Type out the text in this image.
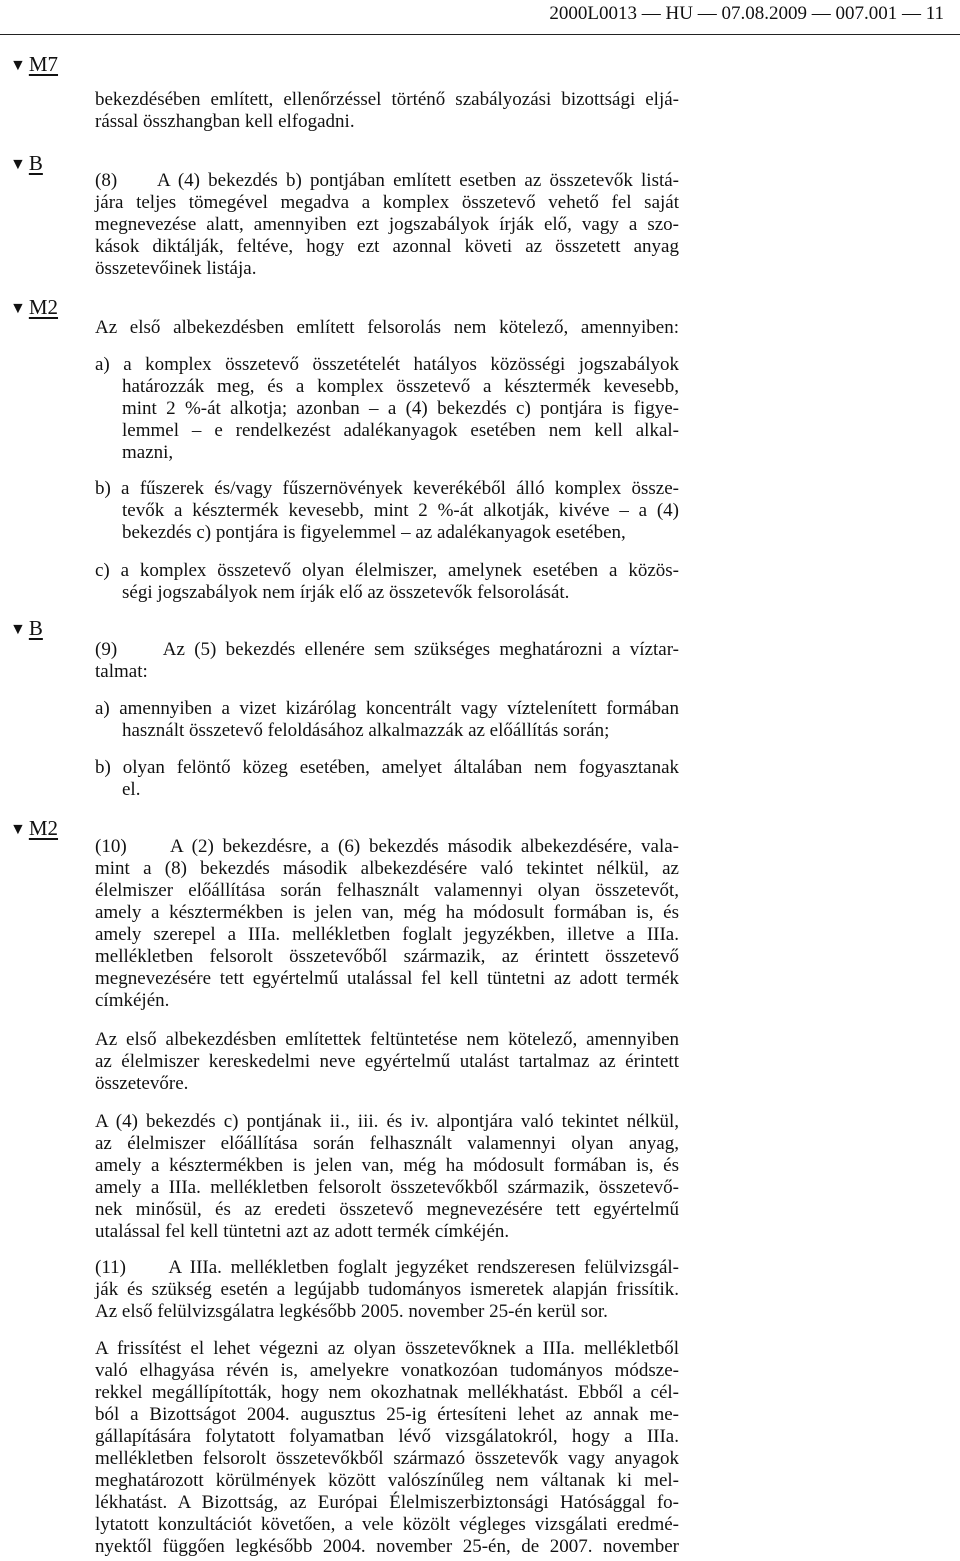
2000L0013 — HU — 07.08.2009 — 007.001 — 11
▼ M7
▼ B
▼ M2
▼ B
▼ M2
bekezdésében említett, ellenőrzéssel történő szabályozási bizottsági eljá-
rással összhangban kell elfogadni.
(8)     A (4) bekezdés b) pontjában említett esetben az összetevők listá-
jára teljes tömegével megadva a komplex összetevő vehető fel saját
megnevezése alatt, amennyiben ezt jogszabályok írják elő, vagy a szo-
kások diktálják, feltéve, hogy ezt azonnal követi az összetett anyag
összetevőinek listája.
Az első albekezdésben említett felsorolás nem kötelező, amennyiben:
a) a komplex összetevő összetételét hatályos közösségi jogszabályok
határozzák meg, és a komplex összetevő a késztermék kevesebb,
mint 2 %-át alkotja; azonban – a (4) bekezdés c) pontjára is figye-
lemmel – e rendelkezést adalékanyagok esetében nem kell alkal-
mazni,
b) a fűszerek és/vagy fűszernövények keverékéből álló komplex össze-
tevők a késztermék kevesebb, mint 2 %-át alkotják, kivéve – a (4)
bekezdés c) pontjára is figyelemmel – az adalékanyagok esetében,
c) a komplex összetevő olyan élelmiszer, amelynek esetében a közös-
ségi jogszabályok nem írják elő az összetevők felsorolását.
(9)     Az (5) bekezdés ellenére sem szükséges meghatározni a víztar-
talmat:
a) amennyiben a vizet kizárólag koncentrált vagy víztelenített formában
használt összetevő feloldásához alkalmazzák az előállítás során;
b) olyan felöntő közeg esetében, amelyet általában nem fogyasztanak
el.
(10)     A (2) bekezdésre, a (6) bekezdés második albekezdésére, vala-
mint a (8) bekezdés második albekezdésére való tekintet nélkül, az
élelmiszer előállítása során felhasznált valamennyi olyan összetevőt,
amely a késztermékben is jelen van, még ha módosult formában is, és
amely szerepel a IIIa. mellékletben foglalt jegyzékben, illetve a IIIa.
mellékletben felsorolt összetevőből származik, az érintett összetevő
megnevezésére tett egyértelmű utalással fel kell tüntetni az adott termék
címkéjén.
Az első albekezdésben említettek feltüntetése nem kötelező, amennyiben
az élelmiszer kereskedelmi neve egyértelmű utalást tartalmaz az érintett
összetevőre.
A (4) bekezdés c) pontjának ii., iii. és iv. alpontjára való tekintet nélkül,
az élelmiszer előállítása során felhasznált valamennyi olyan anyag,
amely a késztermékben is jelen van, még ha módosult formában is, és
amely a IIIa. mellékletben felsorolt összetevőkből származik, összetevő-
nek minősül, és az eredeti összetevő megnevezésére tett egyértelmű
utalással fel kell tüntetni azt az adott termék címkéjén.
(11)     A IIIa. mellékletben foglalt jegyzéket rendszeresen felülvizsgál-
ják és szükség esetén a legújabb tudományos ismeretek alapján frissítik.
Az első felülvizsgálatra legkésőbb 2005. november 25-én kerül sor.
A frissítést el lehet végezni az olyan összetevőknek a IIIa. mellékletből
való elhagyása révén is, amelyekre vonatkozóan tudományos módsze-
rekkel megállípították, hogy nem okozhatnak mellékhatást. Ebből a cél-
ból a Bizottságot 2004. augusztus 25-ig értesíteni lehet az annak me-
gállapítására folytatott folyamatban lévő vizsgálatokról, hogy a IIIa.
mellékletben felsorolt összetevőkből származó összetevők vagy anyagok
meghatározott körülmények között valószínűleg nem váltanak ki mel-
lékhatást. A Bizottság, az Európai Élelmiszerbiztonsági Hatósággal fo-
lytatott konzultációt követően, a vele közölt végleges vizsgálati eredmé-
nyektől függően legkésőbb 2004. november 25-én, de 2007. november
